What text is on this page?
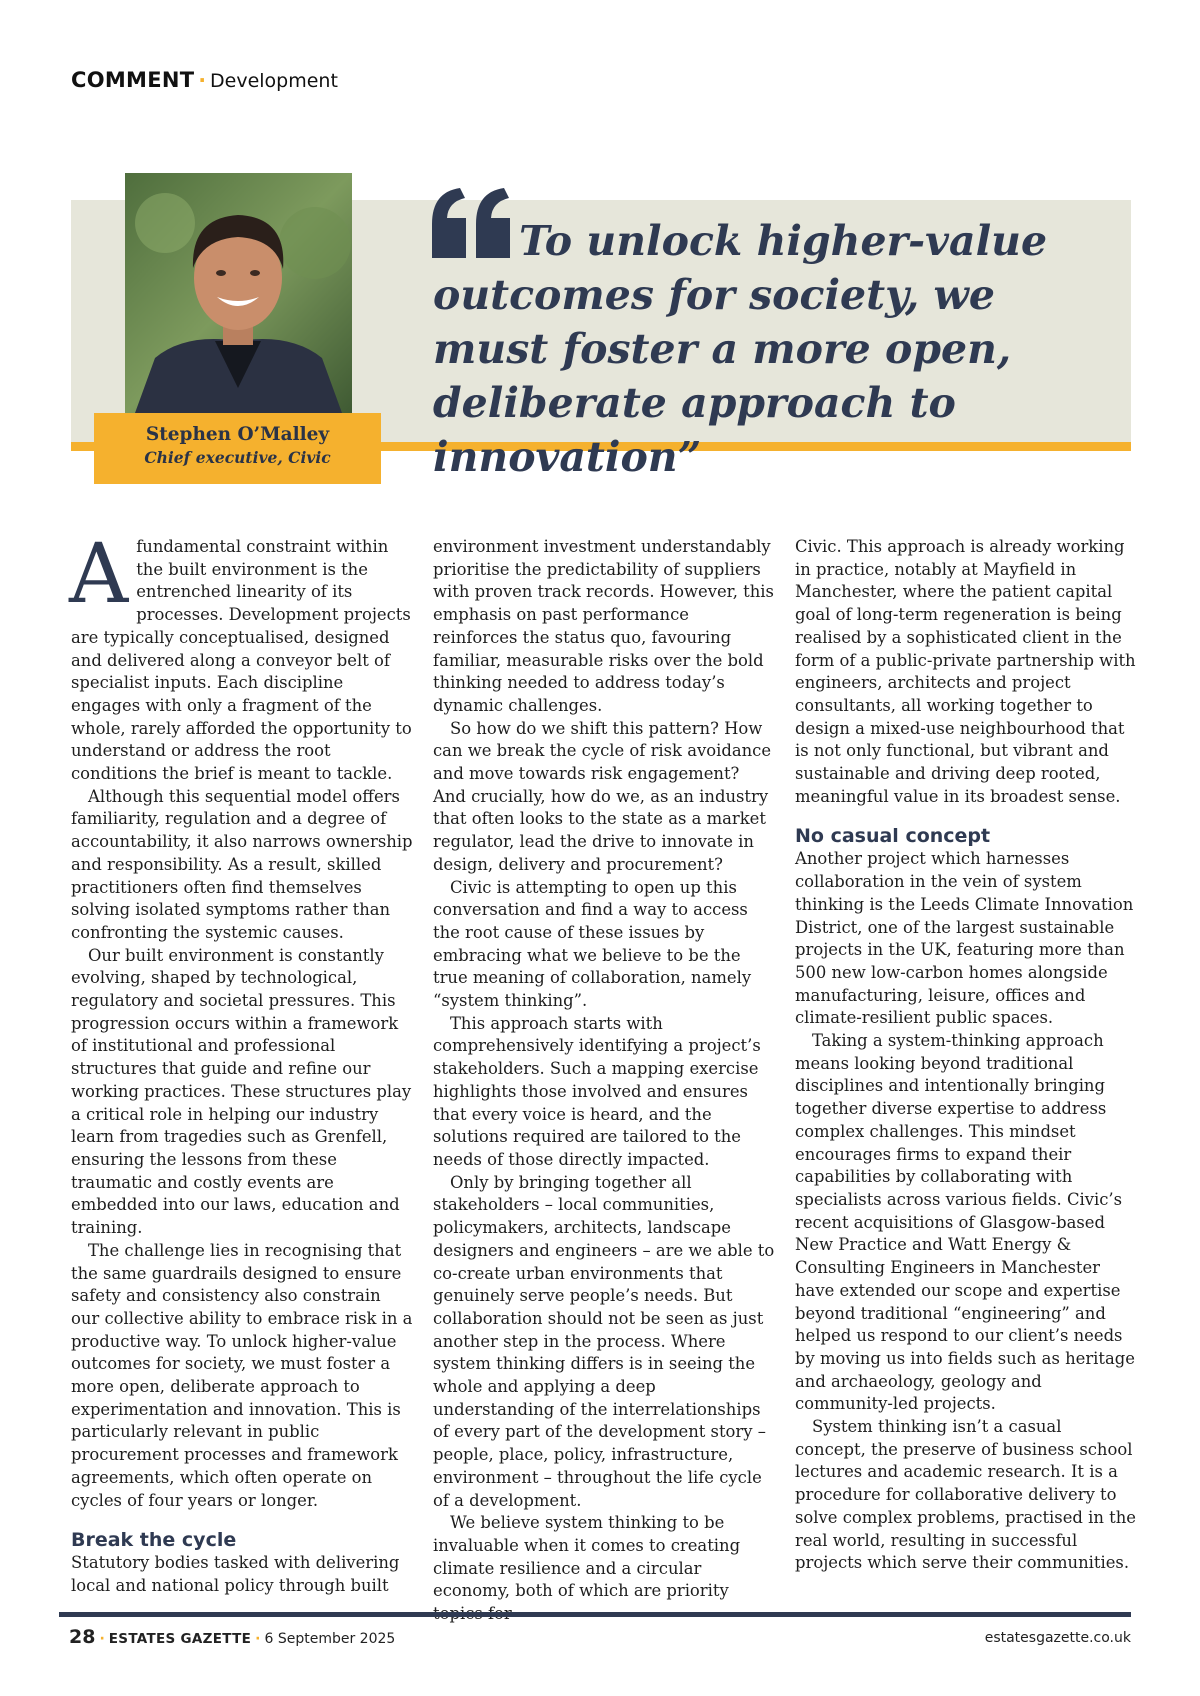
COMMENT · Development
Stephen O’Malley
Chief executive, Civic

To unlock higher-value outcomes for society, we must foster a more open, deliberate approach to innovation”

Afundamental constraint within the built environment is the entrenched linearity of its processes. Development projects are typically conceptualised, designed and delivered along a conveyor belt of specialist inputs. Each discipline engages with only a fragment of the whole, rarely afforded the opportunity to understand or address the root conditions the brief is meant to tackle.

Although this sequential model offers familiarity, regulation and a degree of accountability, it also narrows ownership and responsibility. As a result, skilled practitioners often find themselves solving isolated symptoms rather than confronting the systemic causes.

Our built environment is constantly evolving, shaped by technological, regulatory and societal pressures. This progression occurs within a framework of institutional and professional structures that guide and refine our working practices. These structures play a critical role in helping our industry learn from tragedies such as Grenfell, ensuring the lessons from these traumatic and costly events are embedded into our laws, education and training.

The challenge lies in recognising that the same guardrails designed to ensure safety and consistency also constrain our collective ability to embrace risk in a productive way. To unlock higher-value outcomes for society, we must foster a more open, deliberate approach to experimentation and innovation. This is particularly relevant in public procurement processes and framework agreements, which often operate on cycles of four years or longer.

Break the cycle

Statutory bodies tasked with delivering local and national policy through built

environment investment understandably prioritise the predictability of suppliers with proven track records. However, this emphasis on past performance reinforces the status quo, favouring familiar, measurable risks over the bold thinking needed to address today’s dynamic challenges.

So how do we shift this pattern? How can we break the cycle of risk avoidance and move towards risk engagement? And crucially, how do we, as an industry that often looks to the state as a market regulator, lead the drive to innovate in design, delivery and procurement?

Civic is attempting to open up this conversation and find a way to access the root cause of these issues by embracing what we believe to be the true meaning of collaboration, namely “system thinking”.

This approach starts with comprehensively identifying a project’s stakeholders. Such a mapping exercise highlights those involved and ensures that every voice is heard, and the solutions required are tailored to the needs of those directly impacted.

Only by bringing together all stakeholders – local communities, policymakers, architects, landscape designers and engineers – are we able to co-create urban environments that genuinely serve people’s needs. But collaboration should not be seen as just another step in the process. Where system thinking differs is in seeing the whole and applying a deep understanding of the interrelationships of every part of the development story – people, place, policy, infrastructure, environment – throughout the life cycle of a development.

We believe system thinking to be invaluable when it comes to creating climate resilience and a circular economy, both of which are priority

Civic. This approach is already working in practice, notably at Mayfield in Manchester, where the patient capital goal of long-term regeneration is being realised by a sophisticated client in the form of a public-private partnership with engineers, architects and project consultants, all working together to design a mixed-use neighbourhood that is not only functional, but vibrant and sustainable and driving deep rooted, meaningful value in its broadest sense.

No casual concept

Another project which harnesses collaboration in the vein of system thinking is the Leeds Climate Innovation District, one of the largest sustainable projects in the UK, featuring more than 500 new low-carbon homes alongside manufacturing, leisure, offices and climate-resilient public spaces.

Taking a system-thinking approach means looking beyond traditional disciplines and intentionally bringing together diverse expertise to address complex challenges. This mindset encourages firms to expand their capabilities by collaborating with specialists across various fields. Civic’s recent acquisitions of Glasgow-based New Practice and Watt Energy & Consulting Engineers in Manchester have extended our scope and expertise beyond traditional “engineering” and helped us respond to our client’s needs by moving us into fields such as heritage and archaeology, geology and community-led projects.

System thinking isn’t a casual concept, the preserve of business school lectures and academic research. It is a procedure for collaborative delivery to solve complex problems, practised in the real world, resulting in successful projects which serve their communities.

28 · ESTATES GAZETTE · 6 September 2025	estatesgazette.co.uk
